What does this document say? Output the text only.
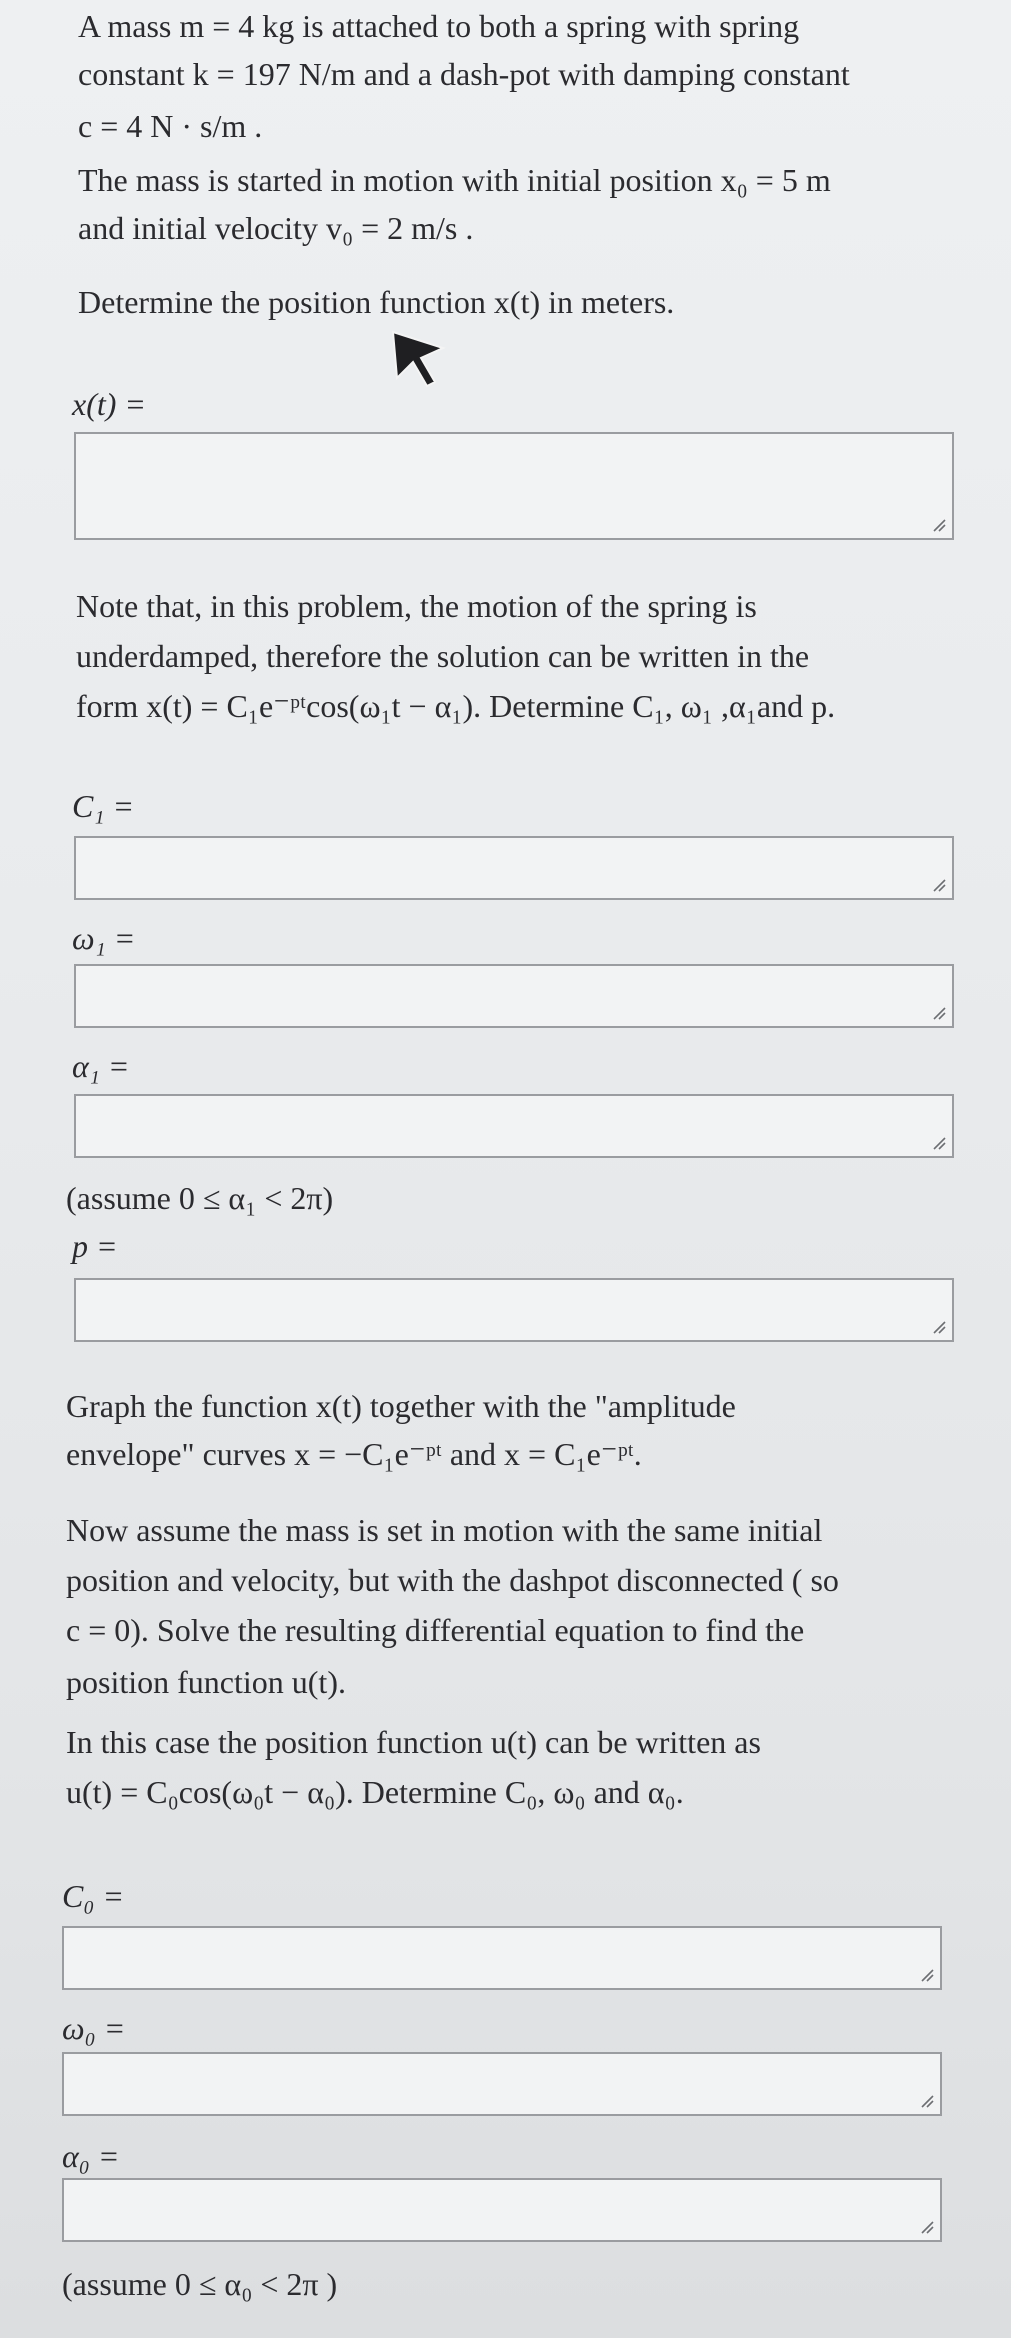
A mass m = 4 kg is attached to both a spring with spring

constant k = 197 N/m and a dash-pot with damping constant

c = 4 N · s/m .

The mass is started in motion with initial position x₀ = 5 m

and initial velocity v₀ = 2 m/s .

Determine the position function x(t) in meters.

x(t) =

Note that, in this problem, the motion of the spring is

underdamped, therefore the solution can be written in the

form x(t) = C₁e⁻ᵖᵗcos(ω₁t − α₁). Determine C₁, ω₁ ,α₁and p.

C₁ =
ω₁ =
α₁ =
(assume 0 ≤ α₁ < 2π)
p =

Graph the function x(t) together with the "amplitude

envelope" curves x = −C₁e⁻ᵖᵗ and x = C₁e⁻ᵖᵗ.

Now assume the mass is set in motion with the same initial

position and velocity, but with the dashpot disconnected ( so

c = 0). Solve the resulting differential equation to find the

position function u(t).

In this case the position function u(t) can be written as

u(t) = C₀cos(ω₀t − α₀). Determine C₀, ω₀ and α₀.

C₀ =
ω₀ =
α₀ =
(assume 0 ≤ α₀ < 2π )
